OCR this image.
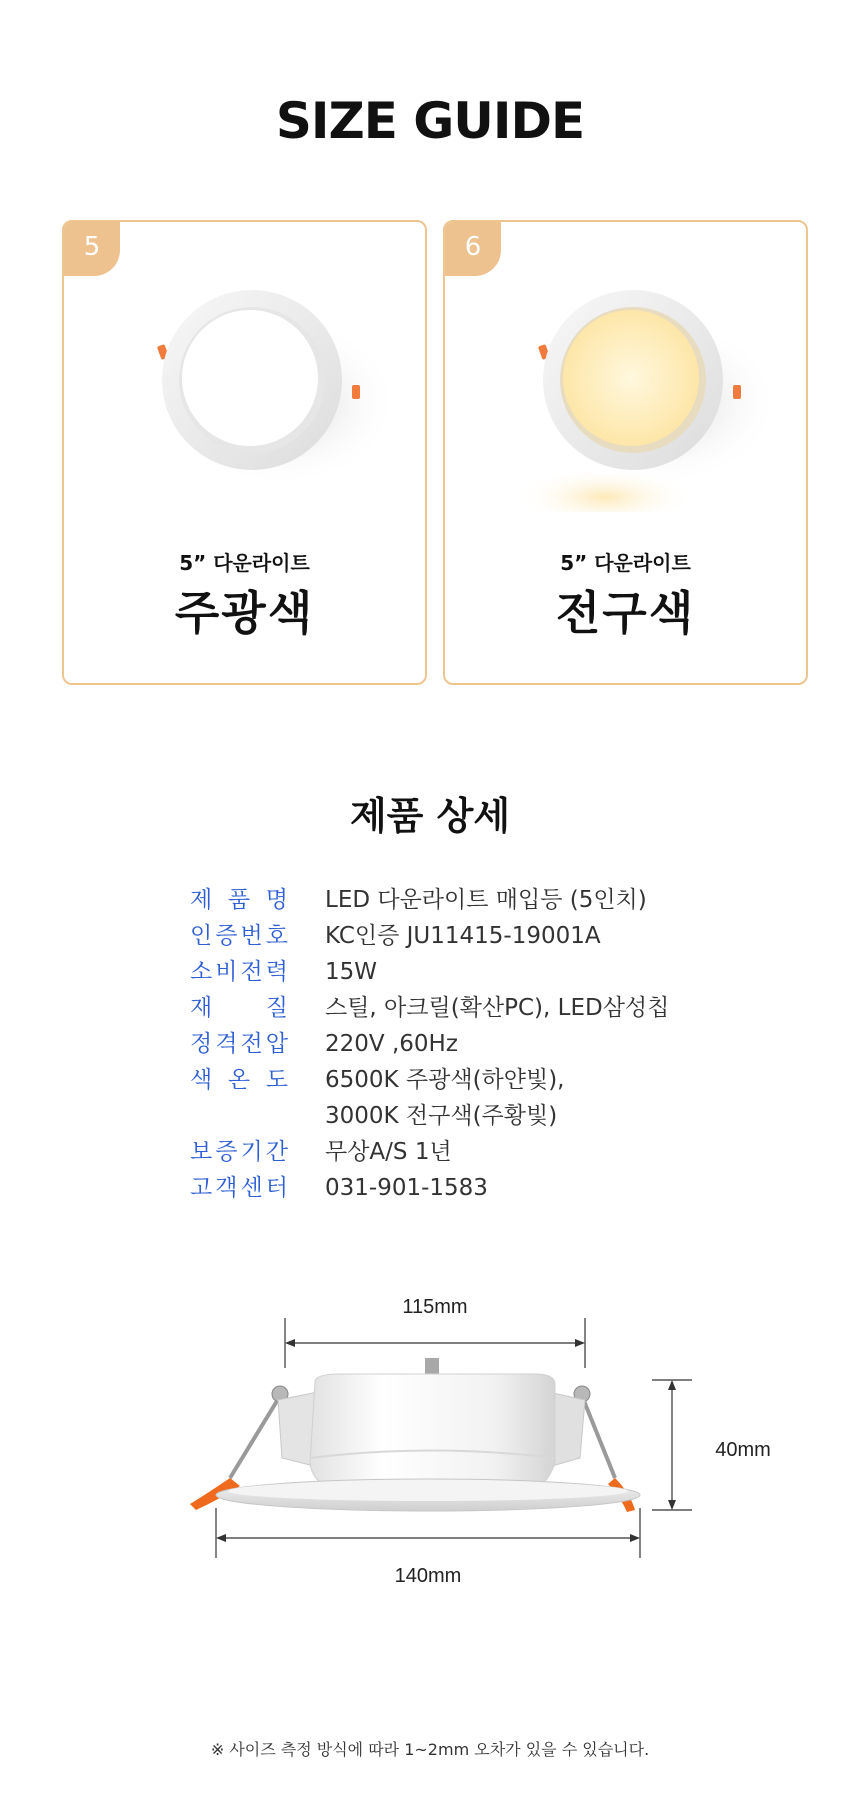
SIZE GUIDE
5
5” 다운라이트
주광색
6
5” 다운라이트
전구색
제품 상세
제 품 명 LED 다운라이트 매입등 (5인치)
인 증 번 호 KC인증 JU11415-19001A
소 비 전 력 15W
재 질 스틸, 아크릴(확산PC), LED삼성칩
정 격 전 압 220V ,60Hz
색 온 도 6500K 주광색(하얀빛),
3000K 전구색(주황빛)
보 증 기 간 무상A/S 1년
고 객 센 터 031-901-1583
115mm
40mm
140mm
※ 사이즈 측정 방식에 따라 1~2mm 오차가 있을 수 있습니다.
